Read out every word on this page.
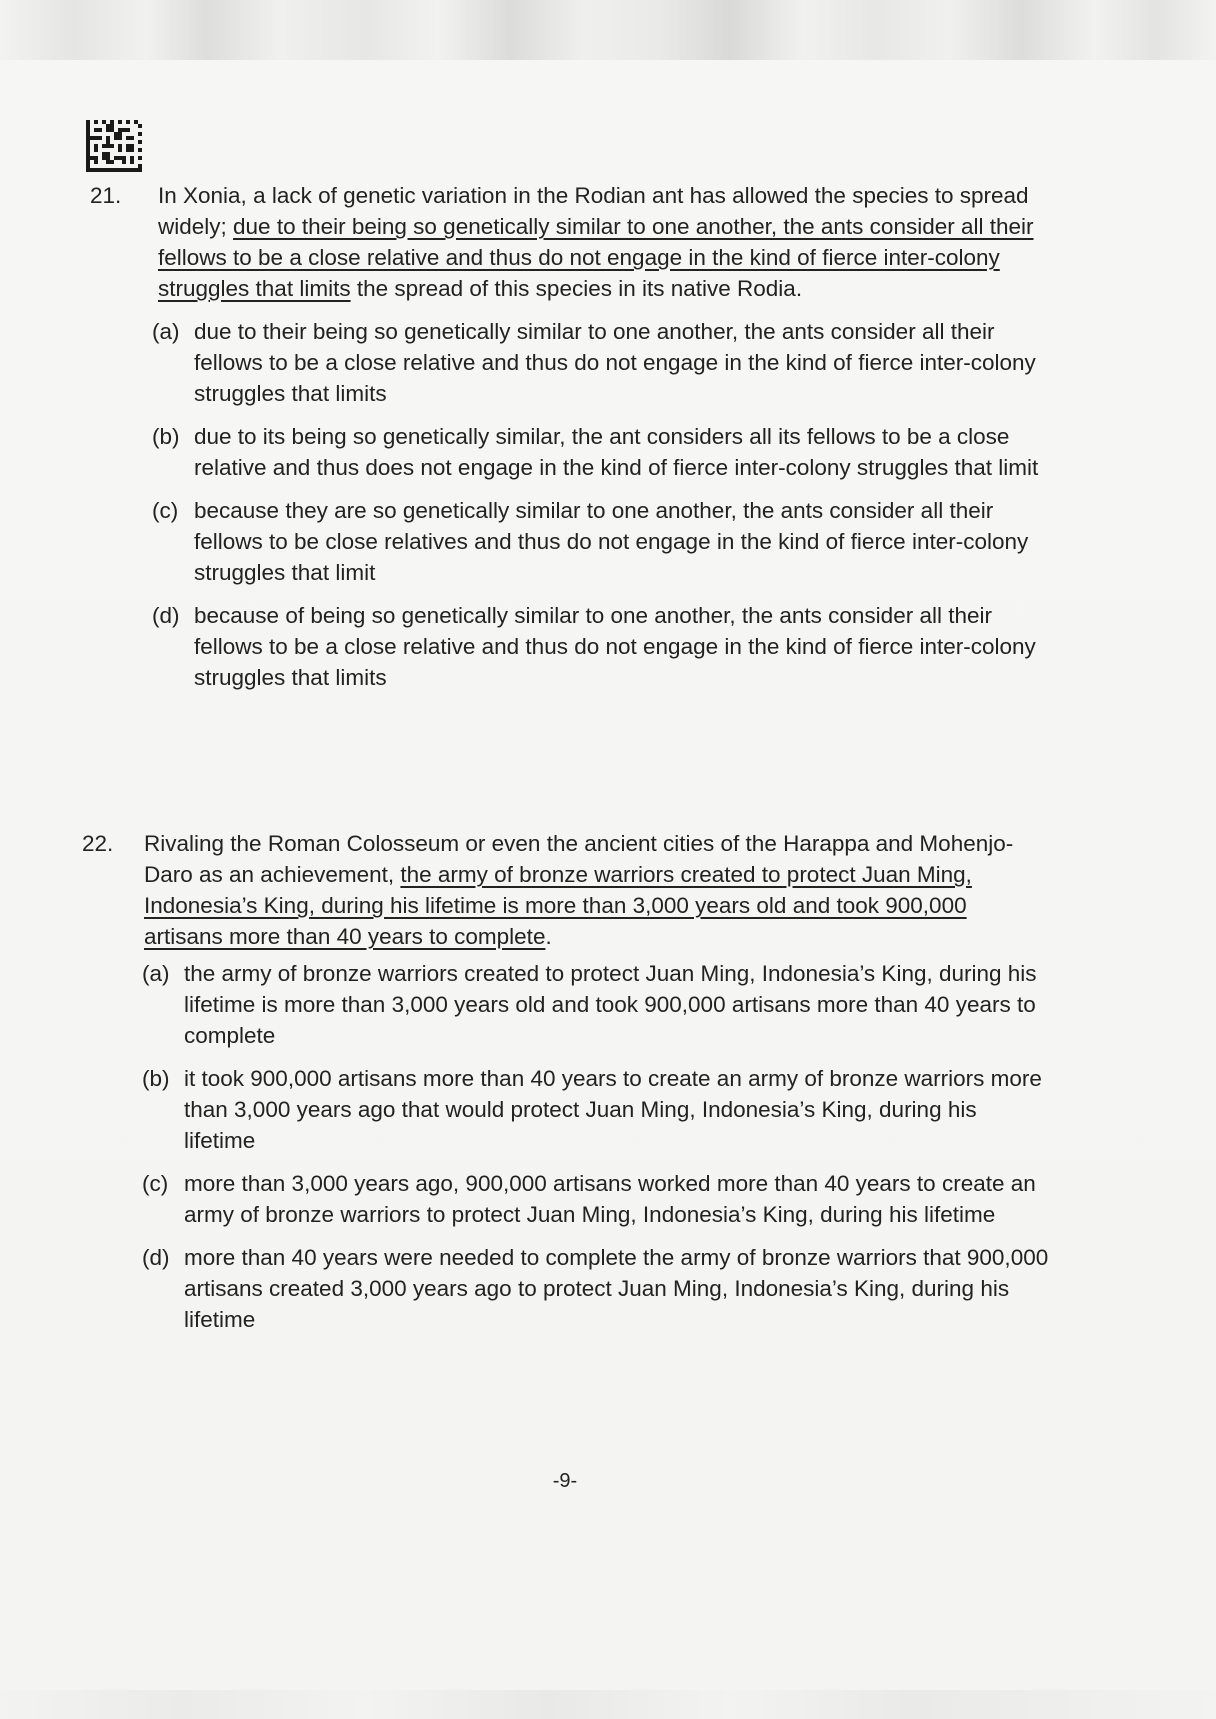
21. In Xonia, a lack of genetic variation in the Rodian ant has allowed the species to spread widely; due to their being so genetically similar to one another, the ants consider all their fellows to be a close relative and thus do not engage in the kind of fierce inter-colony struggles that limits the spread of this species in its native Rodia.
(a) due to their being so genetically similar to one another, the ants consider all their fellows to be a close relative and thus do not engage in the kind of fierce inter-colony struggles that limits
(b) due to its being so genetically similar, the ant considers all its fellows to be a close relative and thus does not engage in the kind of fierce inter-colony struggles that limit
(c) because they are so genetically similar to one another, the ants consider all their fellows to be close relatives and thus do not engage in the kind of fierce inter-colony struggles that limit
(d) because of being so genetically similar to one another, the ants consider all their fellows to be a close relative and thus do not engage in the kind of fierce inter-colony struggles that limits
22. Rivaling the Roman Colosseum or even the ancient cities of the Harappa and Mohenjo-Daro as an achievement, the army of bronze warriors created to protect Juan Ming, Indonesia’s King, during his lifetime is more than 3,000 years old and took 900,000 artisans more than 40 years to complete.
(a) the army of bronze warriors created to protect Juan Ming, Indonesia’s King, during his lifetime is more than 3,000 years old and took 900,000 artisans more than 40 years to complete
(b) it took 900,000 artisans more than 40 years to create an army of bronze warriors more than 3,000 years ago that would protect Juan Ming, Indonesia’s King, during his lifetime
(c) more than 3,000 years ago, 900,000 artisans worked more than 40 years to create an army of bronze warriors to protect Juan Ming, Indonesia’s King, during his lifetime
(d) more than 40 years were needed to complete the army of bronze warriors that 900,000 artisans created 3,000 years ago to protect Juan Ming, Indonesia’s King, during his lifetime
-9-
